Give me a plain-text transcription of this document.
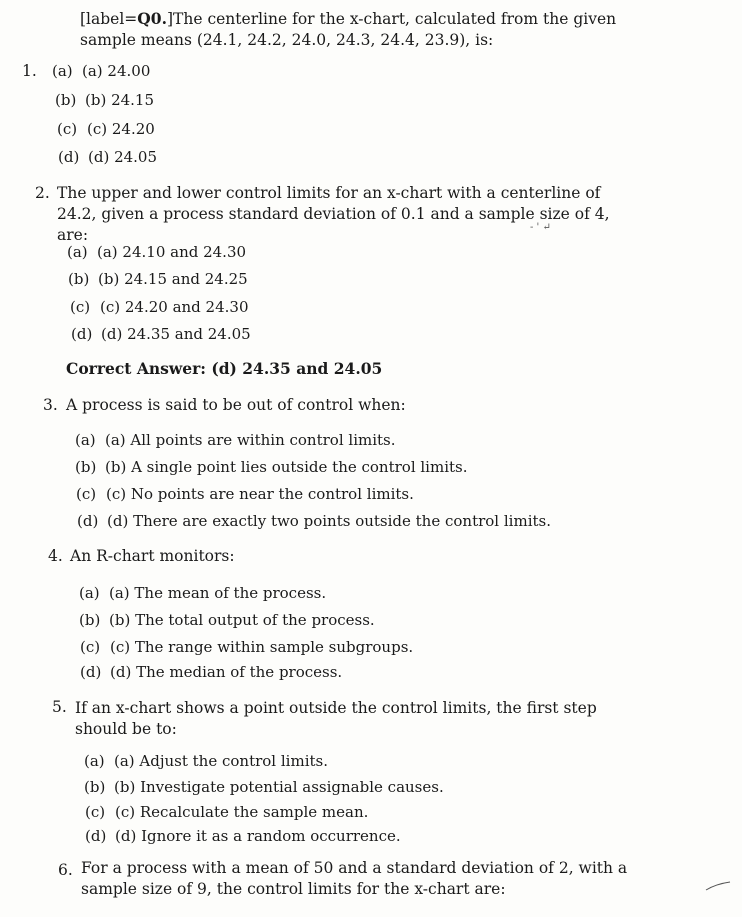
[label=Q0.]The centerline for the x-chart, calculated from the given sample means (24.1, 24.2, 24.0, 24.3, 24.4, 23.9), is:
1. (a) (a) 24.00
(b) (b) 24.15
(c) (c) 24.20
(d) (d) 24.05
2. The upper and lower control limits for an x-chart with a centerline of 24.2, given a process standard deviation of 0.1 and a sample size of 4, are:	- ' ↵
(a) (a) 24.10 and 24.30
(b) (b) 24.15 and 24.25
(c) (c) 24.20 and 24.30
(d) (d) 24.35 and 24.05
Correct Answer: (d) 24.35 and 24.05
3. A process is said to be out of control when:
(a) (a) All points are within control limits.
(b) (b) A single point lies outside the control limits.
(c) (c) No points are near the control limits.
(d) (d) There are exactly two points outside the control limits.
4. An R-chart monitors:
(a) (a) The mean of the process.
(b) (b) The total output of the process.
(c) (c) The range within sample subgroups.
(d) (d) The median of the process.
5. If an x-chart shows a point outside the control limits, the first step should be to:
(a) (a) Adjust the control limits.
(b) (b) Investigate potential assignable causes.
(c) (c) Recalculate the sample mean.
(d) (d) Ignore it as a random occurrence.
6. For a process with a mean of 50 and a standard deviation of 2, with a sample size of 9, the control limits for the x-chart are:
